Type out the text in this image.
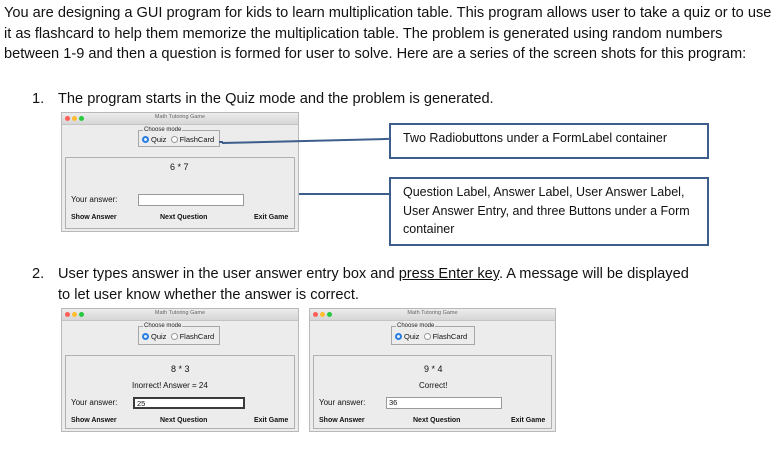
You are designing a GUI program for kids to learn multiplication table. This program allows user to take a quiz or to use it as flashcard to help them memorize the multiplication table. The problem is generated using random numbers between 1-9 and then a question is formed for user to solve. Here are a series of the screen shots for this program:
1. The program starts in the Quiz mode and the problem is generated.
Math Tutoring Game
Choose mode
Quiz FlashCard
6 * 7
Your answer:
Show Answer	Next Question	Exit Game
Two Radiobuttons under a FormLabel container
Question Label, Answer Label, User Answer Label, User Answer Entry, and three Buttons under a Form container
2. User types answer in the user answer entry box and press Enter key. A message will be displayed
to let user know whether the answer is correct.
Math Tutoring Game
Choose mode
Quiz FlashCard
8 * 3
Inorrect! Answer = 24
Your answer:	25
Show Answer	Next Question	Exit Game
Math Tutoring Game
Choose mode
Quiz FlashCard
9 * 4
Correct!
Your answer:	36
Show Answer	Next Question	Exit Game
